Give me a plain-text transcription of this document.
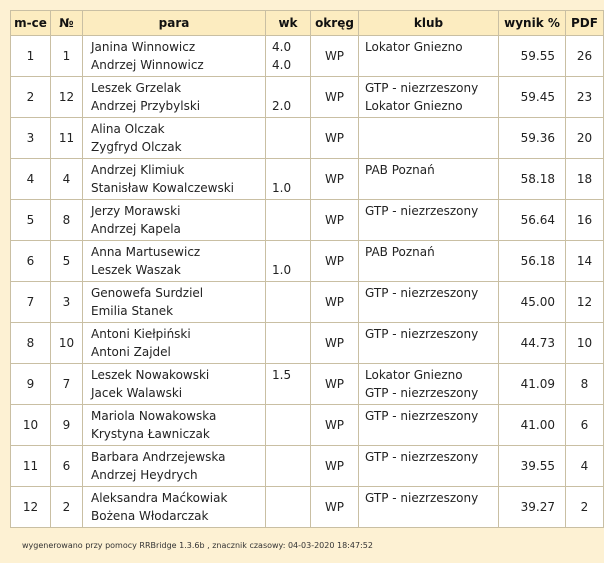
m-ce	№	para	wk	okręg	klub	wynik %	PDF

1	1	Janina Winnowicz
Andrzej Winnowicz	4.0
4.0	WP	Lokator Gniezno	59.55	26

2	12	Leszek Grzelak
Andrzej Przybylski	2.0	WP	GTP - niezrzeszony
Lokator Gniezno	59.45	23

3	11	Alina Olczak
Zygfryd Olczak		WP		59.36	20

4	4	Andrzej Klimiuk
Stanisław Kowalczewski	1.0	WP	PAB Poznań	58.18	18

5	8	Jerzy Morawski
Andrzej Kapela		WP	GTP - niezrzeszony	56.64	16

6	5	Anna Martusewicz
Leszek Waszak	1.0	WP	PAB Poznań	56.18	14

7	3	Genowefa Surdziel
Emilia Stanek		WP	GTP - niezrzeszony	45.00	12

8	10	Antoni Kiełpiński
Antoni Zajdel		WP	GTP - niezrzeszony	44.73	10

9	7	Leszek Nowakowski
Jacek Walawski	1.5	WP	Lokator Gniezno
GTP - niezrzeszony	41.09	8

10	9	Mariola Nowakowska
Krystyna Ławniczak		WP	GTP - niezrzeszony	41.00	6

11	6	Barbara Andrzejewska
Andrzej Heydrych		WP	GTP - niezrzeszony	39.55	4

12	2	Aleksandra Maćkowiak
Bożena Włodarczak		WP	GTP - niezrzeszony	39.27	2
wygenerowano przy pomocy RRBridge 1.3.6b , znacznik czasowy: 04-03-2020 18:47:52
